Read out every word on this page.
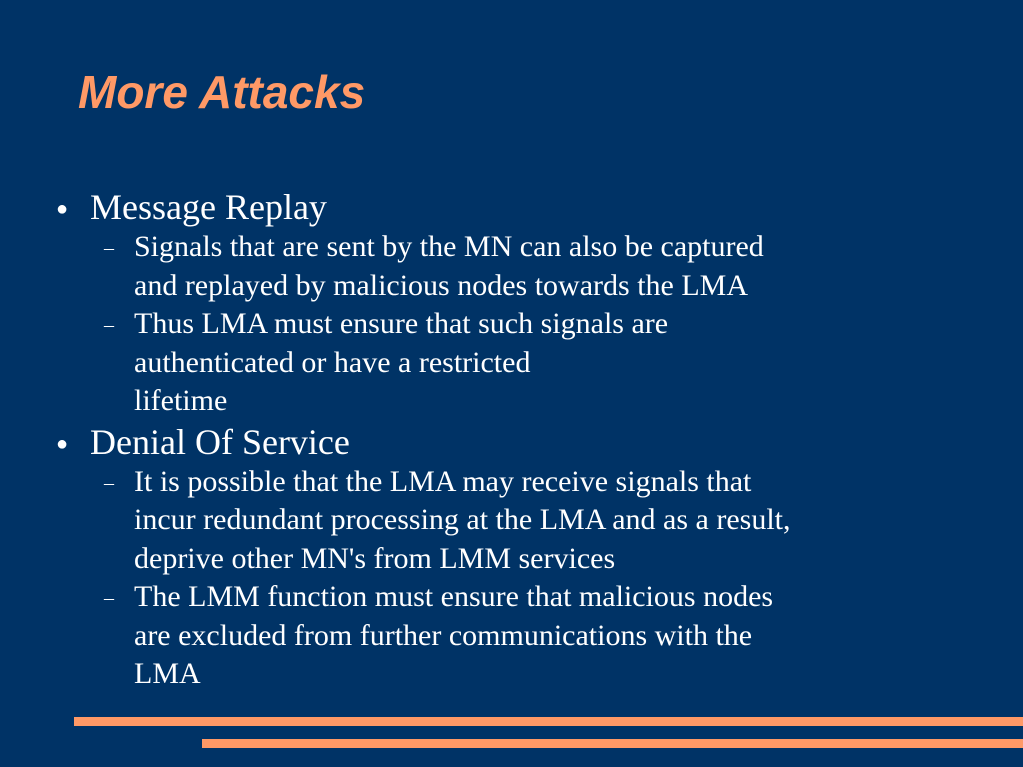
More Attacks
● Message Replay
– Signals that are sent by the MN can also be captured
and replayed by malicious nodes towards the LMA
– Thus LMA must ensure that such signals are
authenticated or have a restricted
lifetime
● Denial Of Service
– It is possible that the LMA may receive signals that
incur redundant processing at the LMA and as a result,
deprive other MN's from LMM services
– The LMM function must ensure that malicious nodes
are excluded from further communications with the
LMA
